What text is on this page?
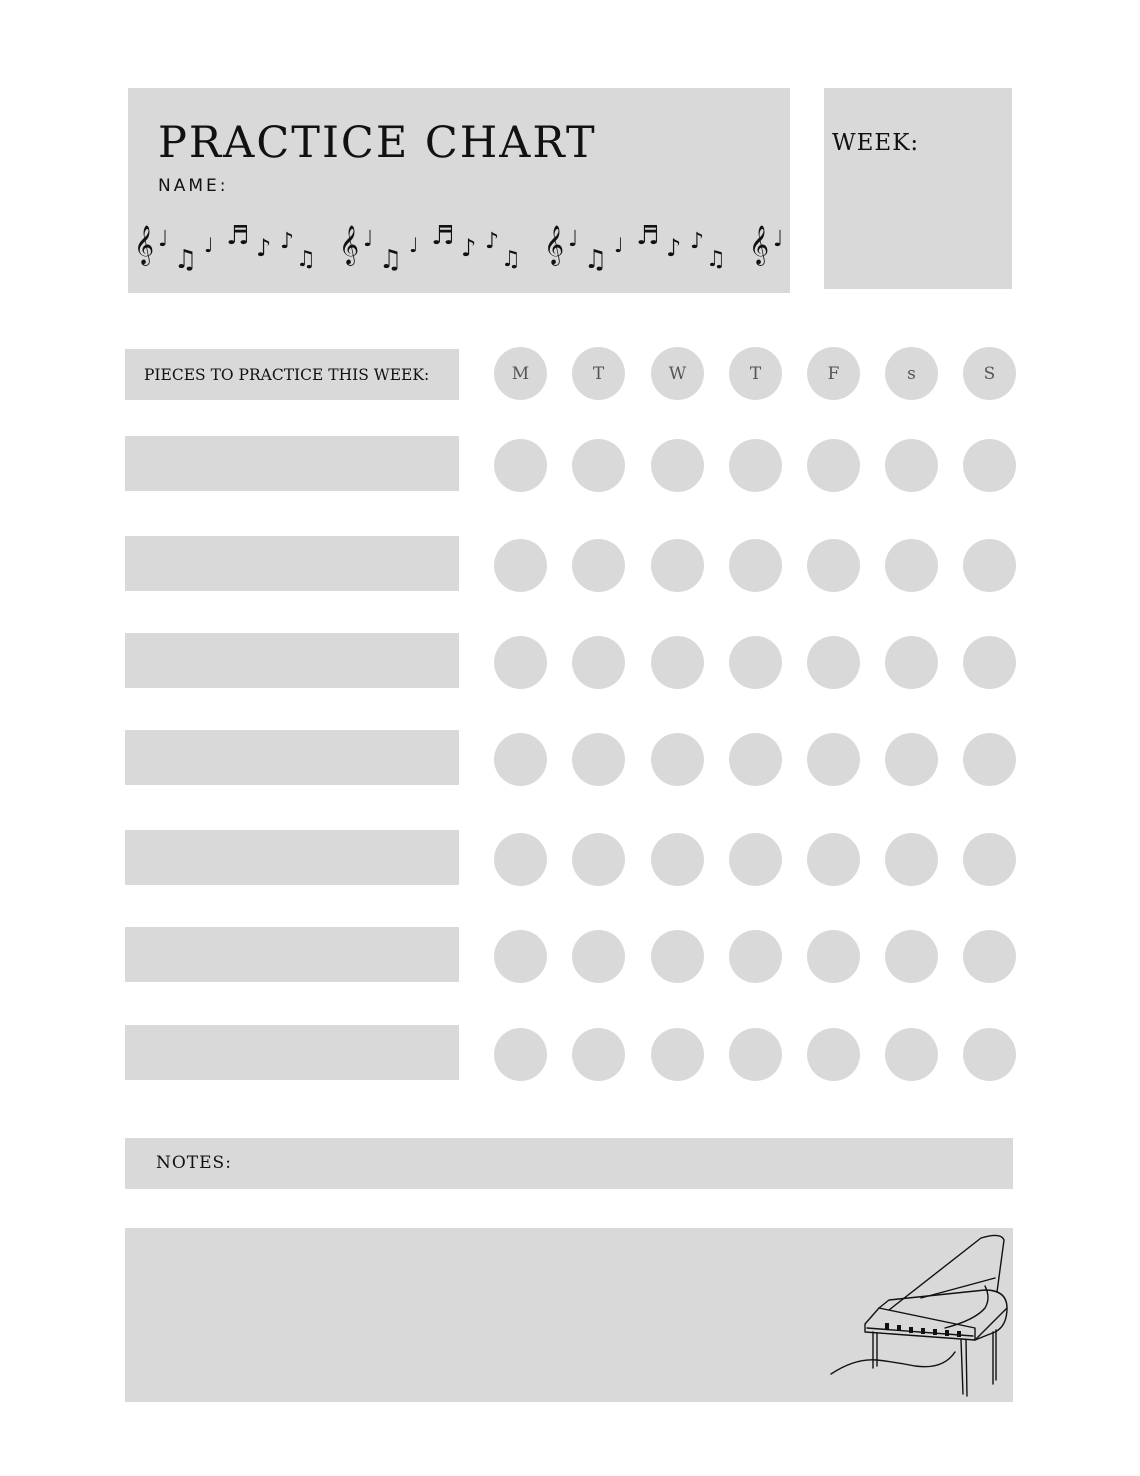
PRACTICE CHART
NAME:
𝄞 ♩
♫ ♩ ♬ ♪ ♪
♫ 𝄞 ♩
♫ ♩ ♬ ♪ ♪
♫ 𝄞 ♩
♫ ♩ ♬ ♪ ♪
♫ 𝄞 ♩
WEEK:
PIECES TO PRACTICE THIS WEEK:	M	T	W	T	F	s	S
NOTES:
